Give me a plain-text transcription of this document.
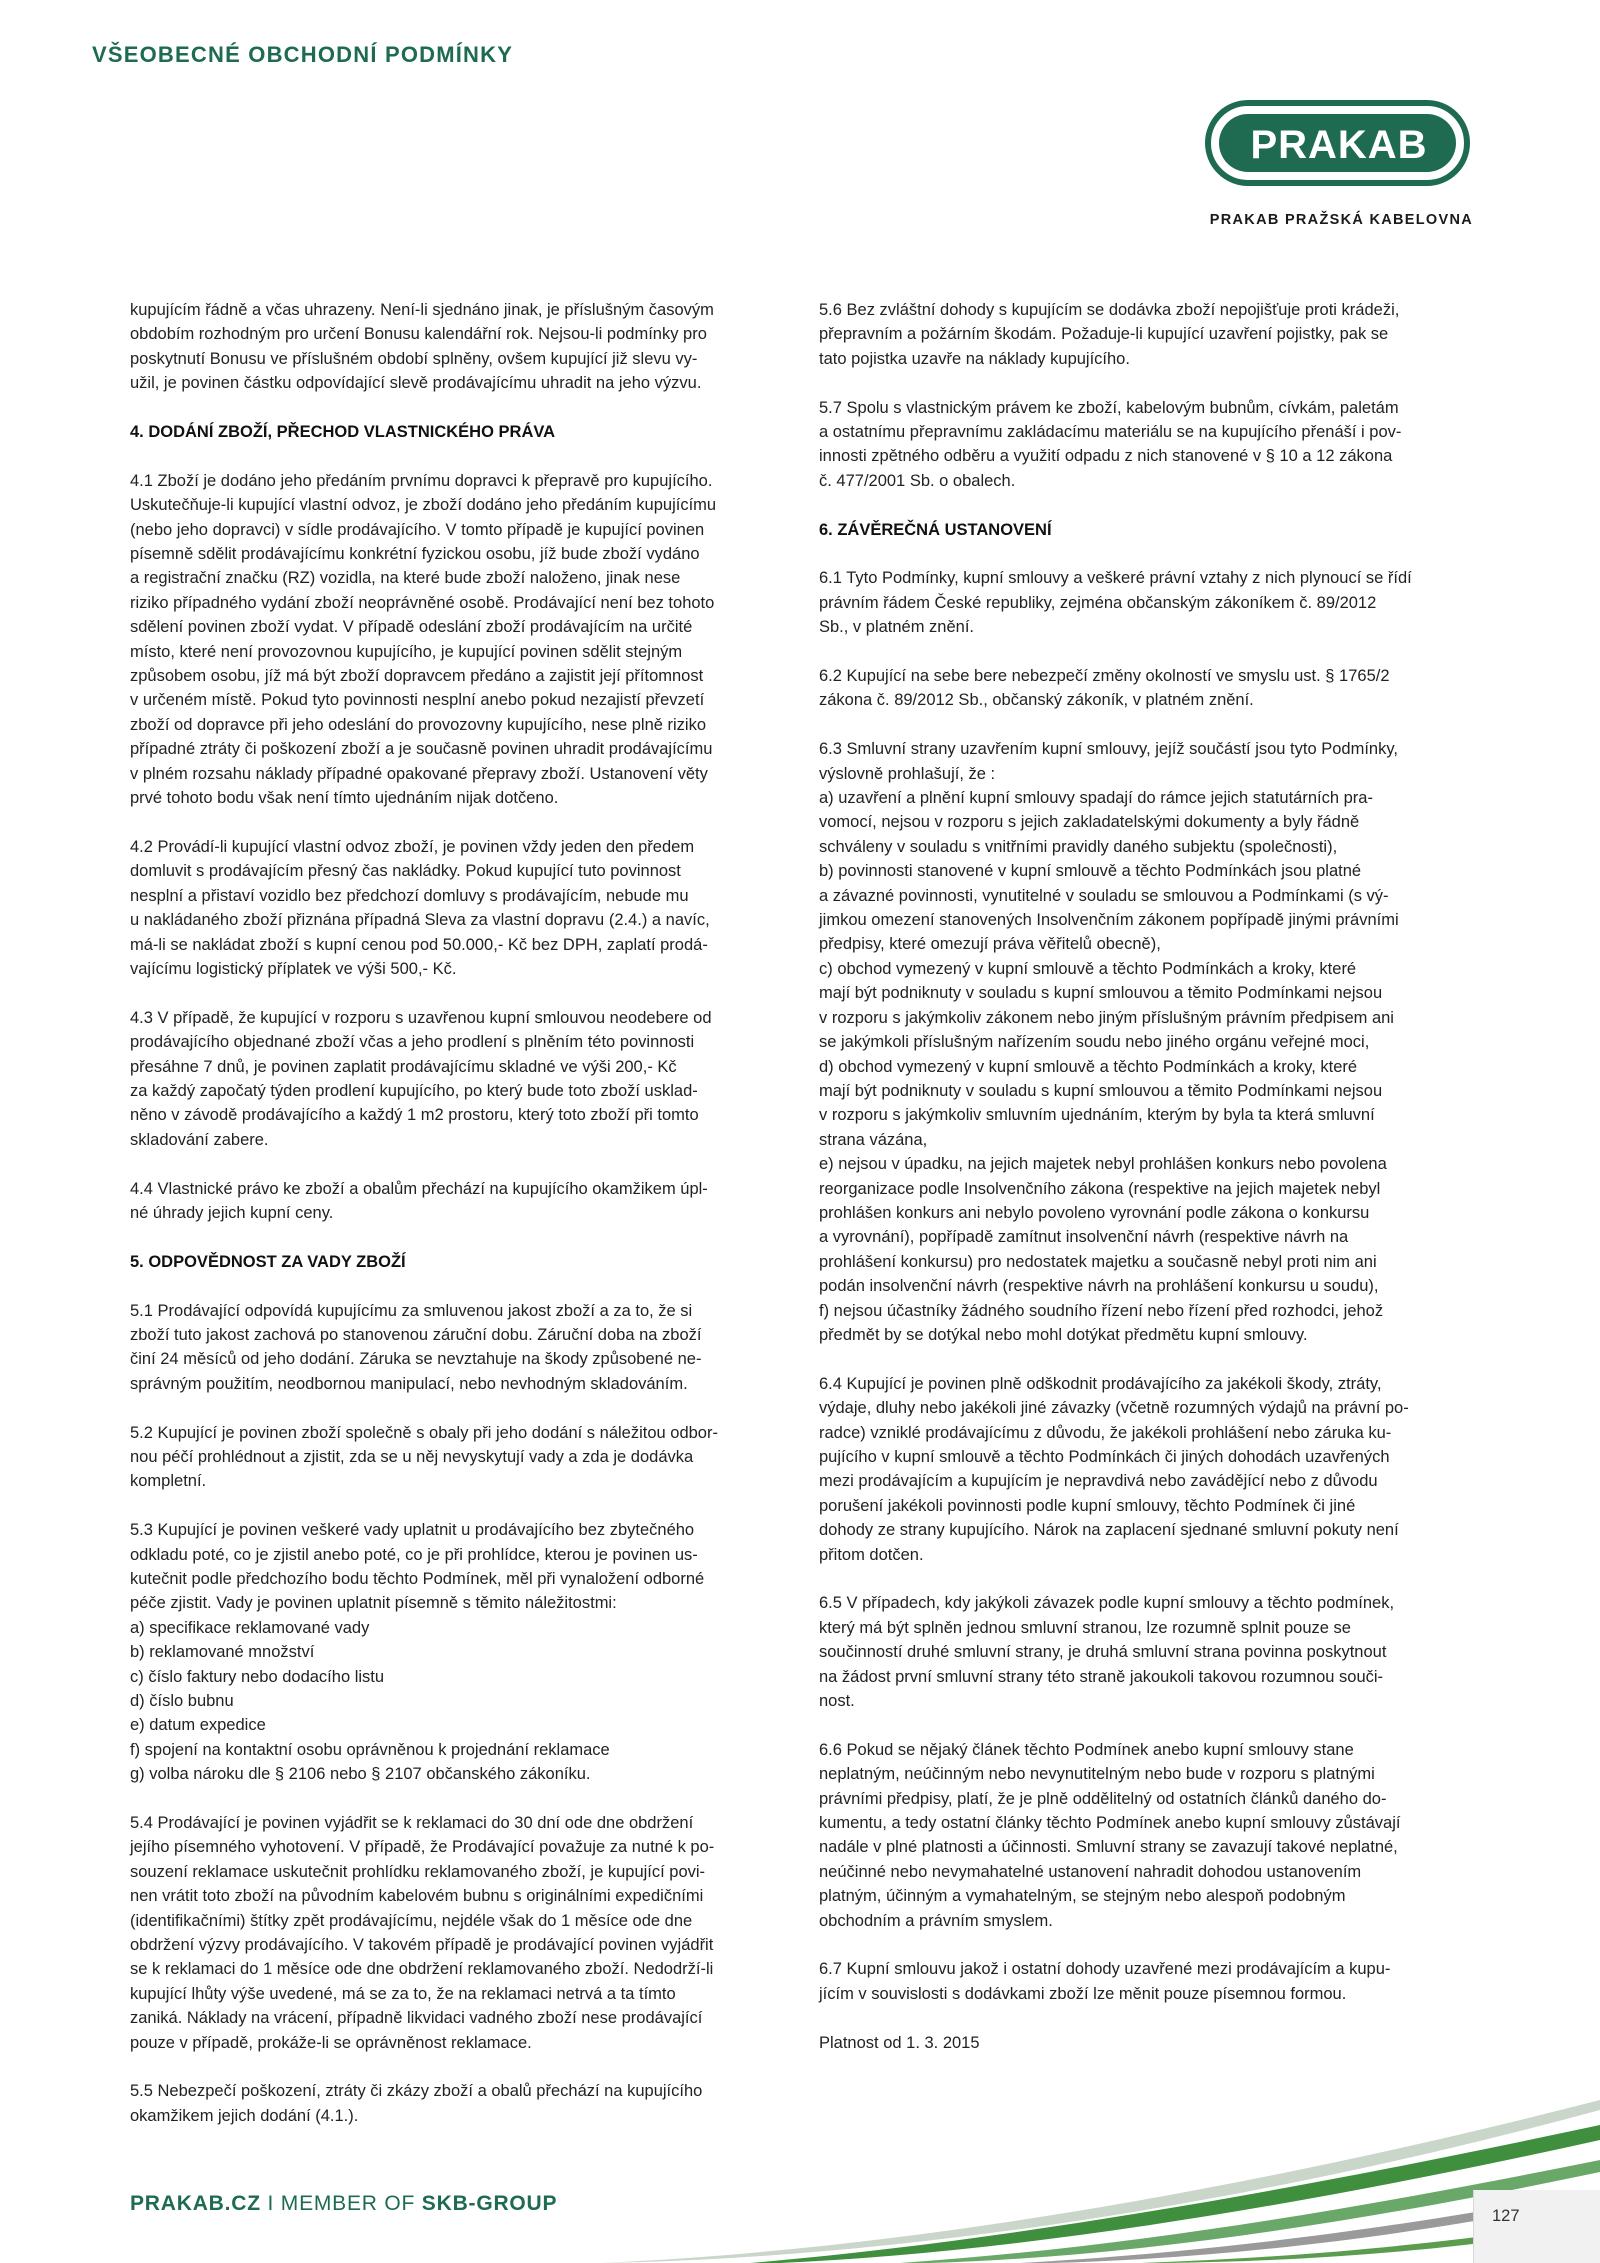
VŠEOBECNÉ OBCHODNÍ PODMÍNKY
PRAKAB
PRAKAB PRAŽSKÁ KABELOVNA

kupujícím řádně a včas uhrazeny. Není-li sjednáno jinak, je příslušným časovým
obdobím rozhodným pro určení Bonusu kalendářní rok. Nejsou-li podmínky pro
poskytnutí Bonusu ve příslušném období splněny, ovšem kupující již slevu vy-
užil, je povinen částku odpovídající slevě prodávajícímu uhradit na jeho výzvu.

4. DODÁNÍ ZBOŽÍ, PŘECHOD VLASTNICKÉHO PRÁVA

4.1 Zboží je dodáno jeho předáním prvnímu dopravci k přepravě pro kupujícího.
Uskutečňuje-li kupující vlastní odvoz, je zboží dodáno jeho předáním kupujícímu
(nebo jeho dopravci) v sídle prodávajícího. V tomto případě je kupující povinen
písemně sdělit prodávajícímu konkrétní fyzickou osobu, jíž bude zboží vydáno
a registrační značku (RZ) vozidla, na které bude zboží naloženo, jinak nese
riziko případného vydání zboží neoprávněné osobě. Prodávající není bez tohoto
sdělení povinen zboží vydat. V případě odeslání zboží prodávajícím na určité
místo, které není provozovnou kupujícího, je kupující povinen sdělit stejným
způsobem osobu, jíž má být zboží dopravcem předáno a zajistit její přítomnost
v určeném místě. Pokud tyto povinnosti nesplní anebo pokud nezajistí převzetí
zboží od dopravce při jeho odeslání do provozovny kupujícího, nese plně riziko
případné ztráty či poškození zboží a je současně povinen uhradit prodávajícímu
v plném rozsahu náklady případné opakované přepravy zboží. Ustanovení věty
prvé tohoto bodu však není tímto ujednáním nijak dotčeno.

4.2 Provádí-li kupující vlastní odvoz zboží, je povinen vždy jeden den předem
domluvit s prodávajícím přesný čas nakládky. Pokud kupující tuto povinnost
nesplní a přistaví vozidlo bez předchozí domluvy s prodávajícím, nebude mu
u nakládaného zboží přiznána případná Sleva za vlastní dopravu (2.4.) a navíc,
má-li se nakládat zboží s kupní cenou pod 50.000,- Kč bez DPH, zaplatí prodá-
vajícímu logistický příplatek ve výši 500,- Kč.

4.3 V případě, že kupující v rozporu s uzavřenou kupní smlouvou neodebere od
prodávajícího objednané zboží včas a jeho prodlení s plněním této povinnosti
přesáhne 7 dnů, je povinen zaplatit prodávajícímu skladné ve výši 200,- Kč
za každý započatý týden prodlení kupujícího, po který bude toto zboží usklad-
něno v závodě prodávajícího a každý 1 m2 prostoru, který toto zboží při tomto
skladování zabere.

4.4 Vlastnické právo ke zboží a obalům přechází na kupujícího okamžikem úpl-
né úhrady jejich kupní ceny.

5. ODPOVĚDNOST ZA VADY ZBOŽÍ

5.1 Prodávající odpovídá kupujícímu za smluvenou jakost zboží a za to, že si
zboží tuto jakost zachová po stanovenou záruční dobu. Záruční doba na zboží
činí 24 měsíců od jeho dodání. Záruka se nevztahuje na škody způsobené ne-
správným použitím, neodbornou manipulací, nebo nevhodným skladováním.

5.2 Kupující je povinen zboží společně s obaly při jeho dodání s náležitou odbor-
nou péčí prohlédnout a zjistit, zda se u něj nevyskytují vady a zda je dodávka
kompletní.

5.3 Kupující je povinen veškeré vady uplatnit u prodávajícího bez zbytečného
odkladu poté, co je zjistil anebo poté, co je při prohlídce, kterou je povinen us-
kutečnit podle předchozího bodu těchto Podmínek, měl při vynaložení odborné
péče zjistit. Vady je povinen uplatnit písemně s těmito náležitostmi:
a) specifikace reklamované vady
b) reklamované množství
c) číslo faktury nebo dodacího listu
d) číslo bubnu
e) datum expedice
f) spojení na kontaktní osobu oprávněnou k projednání reklamace
g) volba nároku dle § 2106 nebo § 2107 občanského zákoníku.

5.4 Prodávající je povinen vyjádřit se k reklamaci do 30 dní ode dne obdržení
jejího písemného vyhotovení. V případě, že Prodávající považuje za nutné k po-
souzení reklamace uskutečnit prohlídku reklamovaného zboží, je kupující povi-
nen vrátit toto zboží na původním kabelovém bubnu s originálními expedičními
(identifikačními) štítky zpět prodávajícímu, nejdéle však do 1 měsíce ode dne
obdržení výzvy prodávajícího. V takovém případě je prodávající povinen vyjádřit
se k reklamaci do 1 měsíce ode dne obdržení reklamovaného zboží. Nedodrží-li
kupující lhůty výše uvedené, má se za to, že na reklamaci netrvá a ta tímto
zaniká. Náklady na vrácení, případně likvidaci vadného zboží nese prodávající
pouze v případě, prokáže-li se oprávněnost reklamace.

5.5 Nebezpečí poškození, ztráty či zkázy zboží a obalů přechází na kupujícího
okamžikem jejich dodání (4.1.).

5.6 Bez zvláštní dohody s kupujícím se dodávka zboží nepojišťuje proti krádeži,
přepravním a požárním škodám. Požaduje-li kupující uzavření pojistky, pak se
tato pojistka uzavře na náklady kupujícího.

5.7 Spolu s vlastnickým právem ke zboží, kabelovým bubnům, cívkám, paletám
a ostatnímu přepravnímu zakládacímu materiálu se na kupujícího přenáší i pov-
innosti zpětného odběru a využití odpadu z nich stanovené v § 10 a 12 zákona
č. 477/2001 Sb. o obalech.

6. ZÁVĚREČNÁ USTANOVENÍ

6.1 Tyto Podmínky, kupní smlouvy a veškeré právní vztahy z nich plynoucí se řídí
právním řádem České republiky, zejména občanským zákoníkem č. 89/2012
Sb., v platném znění.

6.2 Kupující na sebe bere nebezpečí změny okolností ve smyslu ust. § 1765/2
zákona č. 89/2012 Sb., občanský zákoník, v platném znění.

6.3 Smluvní strany uzavřením kupní smlouvy, jejíž součástí jsou tyto Podmínky,
výslovně prohlašují, že :
a) uzavření a plnění kupní smlouvy spadají do rámce jejich statutárních pra-
vomocí, nejsou v rozporu s jejich zakladatelskými dokumenty a byly řádně
schváleny v souladu s vnitřními pravidly daného subjektu (společnosti),
b) povinnosti stanovené v kupní smlouvě a těchto Podmínkách jsou platné
a závazné povinnosti, vynutitelné v souladu se smlouvou a Podmínkami (s vý-
jimkou omezení stanovených Insolvenčním zákonem popřípadě jinými právními
předpisy, které omezují práva věřitelů obecně),
c) obchod vymezený v kupní smlouvě a těchto Podmínkách a kroky, které
mají být podniknuty v souladu s kupní smlouvou a těmito Podmínkami nejsou
v rozporu s jakýmkoliv zákonem nebo jiným příslušným právním předpisem ani
se jakýmkoli příslušným nařízením soudu nebo jiného orgánu veřejné moci,
d) obchod vymezený v kupní smlouvě a těchto Podmínkách a kroky, které
mají být podniknuty v souladu s kupní smlouvou a těmito Podmínkami nejsou
v rozporu s jakýmkoliv smluvním ujednáním, kterým by byla ta která smluvní
strana vázána,
e) nejsou v úpadku, na jejich majetek nebyl prohlášen konkurs nebo povolena
reorganizace podle Insolvenčního zákona (respektive na jejich majetek nebyl
prohlášen konkurs ani nebylo povoleno vyrovnání podle zákona o konkursu
a vyrovnání), popřípadě zamítnut insolvenční návrh (respektive návrh na
prohlášení konkursu) pro nedostatek majetku a současně nebyl proti nim ani
podán insolvenční návrh (respektive návrh na prohlášení konkursu u soudu),
f) nejsou účastníky žádného soudního řízení nebo řízení před rozhodci, jehož
předmět by se dotýkal nebo mohl dotýkat předmětu kupní smlouvy.

6.4 Kupující je povinen plně odškodnit prodávajícího za jakékoli škody, ztráty,
výdaje, dluhy nebo jakékoli jiné závazky (včetně rozumných výdajů na právní po-
radce) vzniklé prodávajícímu z důvodu, že jakékoli prohlášení nebo záruka ku-
pujícího v kupní smlouvě a těchto Podmínkách či jiných dohodách uzavřených
mezi prodávajícím a kupujícím je nepravdivá nebo zavádějící nebo z důvodu
porušení jakékoli povinnosti podle kupní smlouvy, těchto Podmínek či jiné
dohody ze strany kupujícího. Nárok na zaplacení sjednané smluvní pokuty není
přitom dotčen.

6.5 V případech, kdy jakýkoli závazek podle kupní smlouvy a těchto podmínek,
který má být splněn jednou smluvní stranou, lze rozumně splnit pouze se
součinností druhé smluvní strany, je druhá smluvní strana povinna poskytnout
na žádost první smluvní strany této straně jakoukoli takovou rozumnou souči-
nost.

6.6 Pokud se nějaký článek těchto Podmínek anebo kupní smlouvy stane
neplatným, neúčinným nebo nevynutitelným nebo bude v rozporu s platnými
právními předpisy, platí, že je plně oddělitelný od ostatních článků daného do-
kumentu, a tedy ostatní články těchto Podmínek anebo kupní smlouvy zůstávají
nadále v plné platnosti a účinnosti. Smluvní strany se zavazují takové neplatné,
neúčinné nebo nevymahatelné ustanovení nahradit dohodou ustanovením
platným, účinným a vymahatelným, se stejným nebo alespoň podobným
obchodním a právním smyslem.

6.7 Kupní smlouvu jakož i ostatní dohody uzavřené mezi prodávajícím a kupu-
jícím v souvislosti s dodávkami zboží lze měnit pouze písemnou formou.

Platnost od 1. 3. 2015

PRAKAB.CZ I MEMBER OF SKB-GROUP
127
